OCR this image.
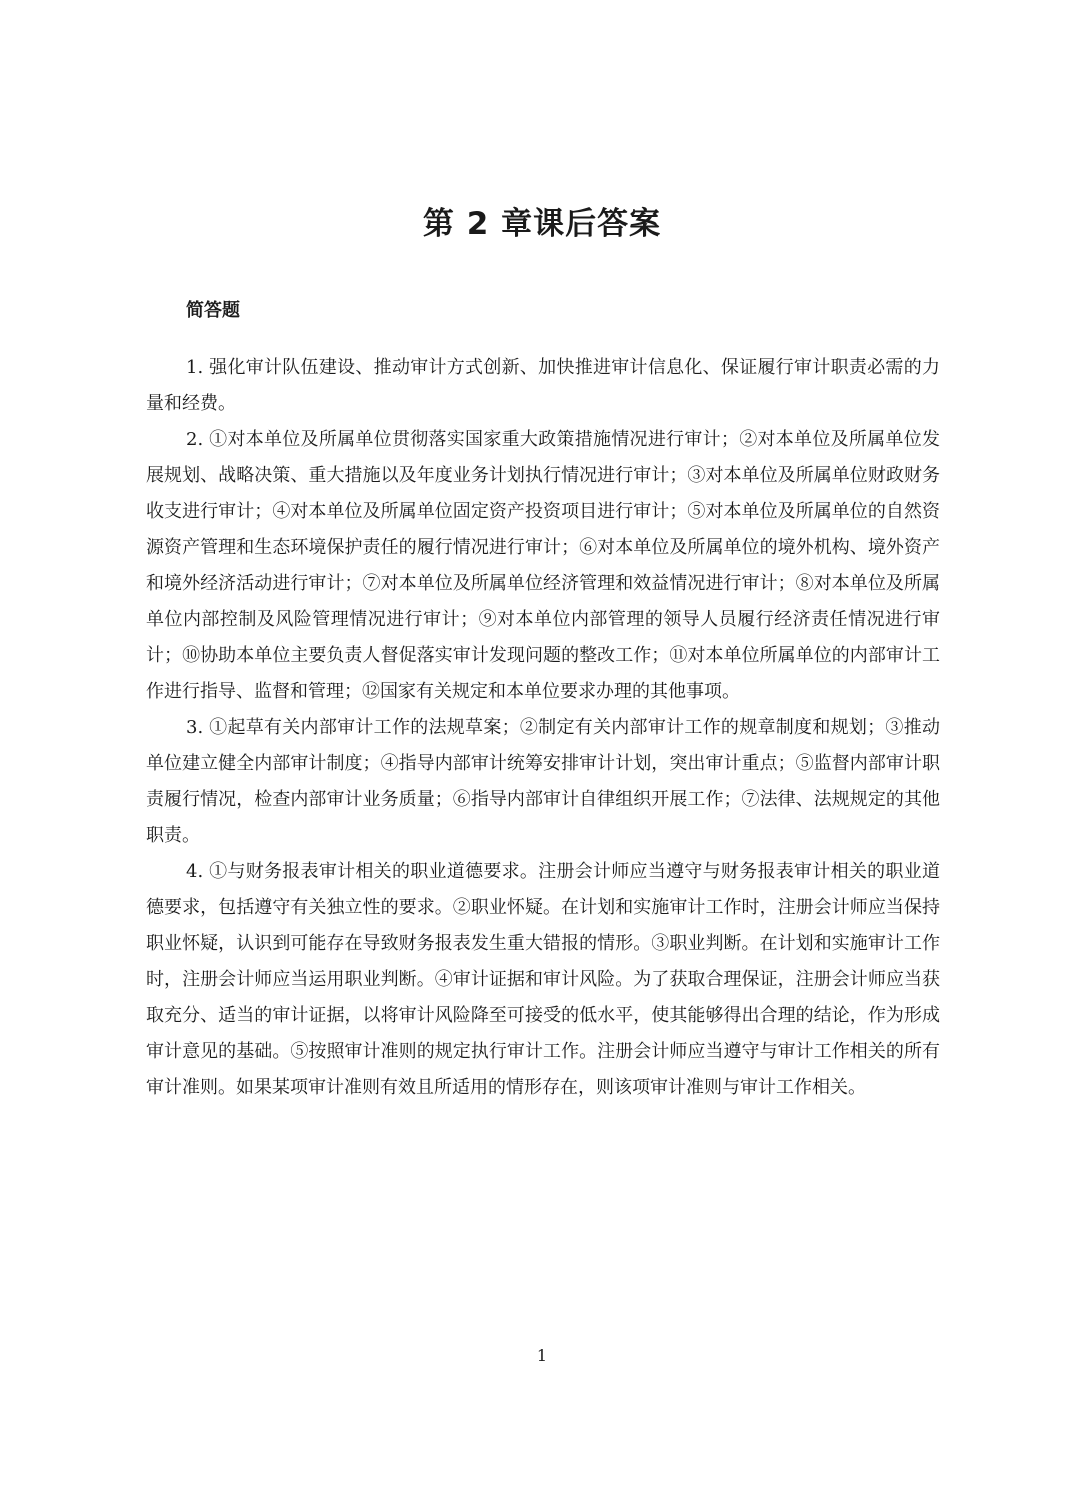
第 2 章课后答案
简答题

1. 强化审计队伍建设、推动审计方式创新、加快推进审计信息化、保证履行审计职责必需的力量和经费。

2. ①对本单位及所属单位贯彻落实国家重大政策措施情况进行审计；②对本单位及所属单位发展规划、战略决策、重大措施以及年度业务计划执行情况进行审计；③对本单位及所属单位财政财务收支进行审计；④对本单位及所属单位固定资产投资项目进行审计；⑤对本单位及所属单位的自然资源资产管理和生态环境保护责任的履行情况进行审计；⑥对本单位及所属单位的境外机构、境外资产和境外经济活动进行审计；⑦对本单位及所属单位经济管理和效益情况进行审计；⑧对本单位及所属单位内部控制及风险管理情况进行审计；⑨对本单位内部管理的领导人员履行经济责任情况进行审计；⑩协助本单位主要负责人督促落实审计发现问题的整改工作；⑪对本单位所属单位的内部审计工作进行指导、监督和管理；⑫国家有关规定和本单位要求办理的其他事项。

3. ①起草有关内部审计工作的法规草案；②制定有关内部审计工作的规章制度和规划；③推动单位建立健全内部审计制度；④指导内部审计统筹安排审计计划，突出审计重点；⑤监督内部审计职责履行情况，检查内部审计业务质量；⑥指导内部审计自律组织开展工作；⑦法律、法规规定的其他职责。

4. ①与财务报表审计相关的职业道德要求。注册会计师应当遵守与财务报表审计相关的职业道德要求，包括遵守有关独立性的要求。②职业怀疑。在计划和实施审计工作时，注册会计师应当保持职业怀疑，认识到可能存在导致财务报表发生重大错报的情形。③职业判断。在计划和实施审计工作时，注册会计师应当运用职业判断。④审计证据和审计风险。为了获取合理保证，注册会计师应当获取充分、适当的审计证据，以将审计风险降至可接受的低水平，使其能够得出合理的结论，作为形成审计意见的基础。⑤按照审计准则的规定执行审计工作。注册会计师应当遵守与审计工作相关的所有审计准则。如果某项审计准则有效且所适用的情形存在，则该项审计准则与审计工作相关。

1
